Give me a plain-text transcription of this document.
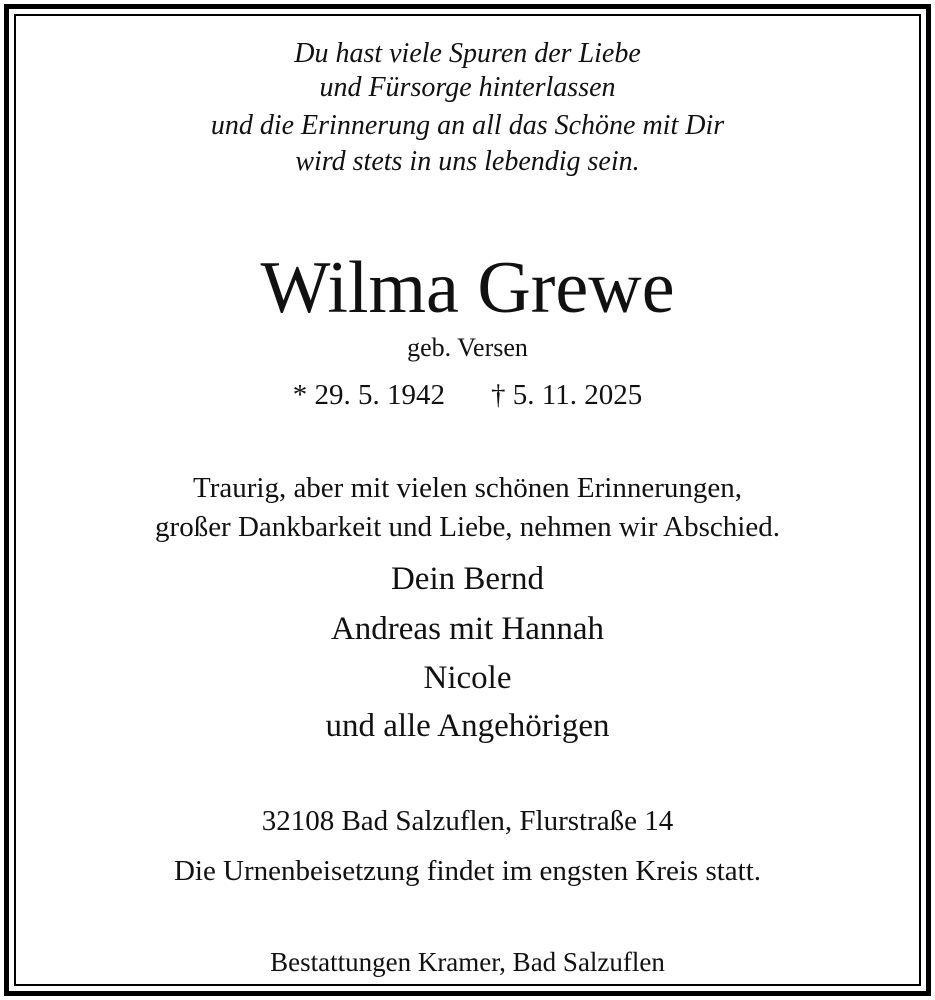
Du hast viele Spuren der Liebe
und Fürsorge hinterlassen
und die Erinnerung an all das Schöne mit Dir
wird stets in uns lebendig sein.
Wilma Grewe
geb. Versen
* 29. 5. 1942 † 5. 11. 2025
Traurig, aber mit vielen schönen Erinnerungen,
großer Dankbarkeit und Liebe, nehmen wir Abschied.
Dein Bernd
Andreas mit Hannah
Nicole
und alle Angehörigen
32108 Bad Salzuflen, Flurstraße 14
Die Urnenbeisetzung findet im engsten Kreis statt.
Bestattungen Kramer, Bad Salzuflen
